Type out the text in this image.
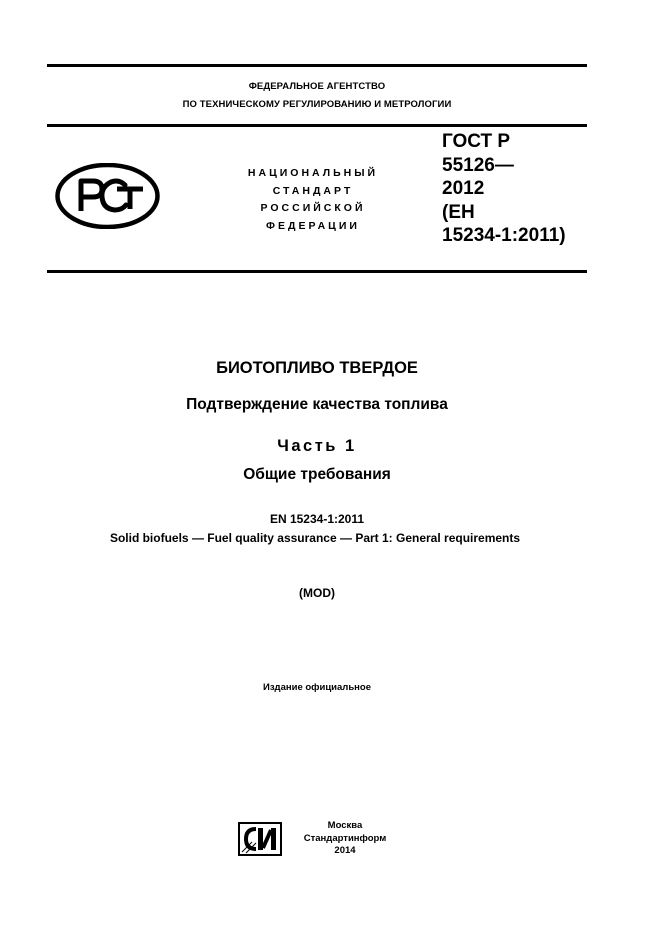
ФЕДЕРАЛЬНОЕ АГЕНТСТВО
ПО ТЕХНИЧЕСКОМУ РЕГУЛИРОВАНИЮ И МЕТРОЛОГИИ
НАЦИОНАЛЬНЫЙ
СТАНДАРТ
РОССИЙСКОЙ
ФЕДЕРАЦИИ
ГОСТ Р
55126—
2012
(ЕН
15234-1:2011)
БИОТОПЛИВО ТВЕРДОЕ
Подтверждение качества топлива
Часть 1
Общие требования
EN 15234-1:2011
Solid biofuels — Fuel quality assurance — Part 1: General requirements
(MOD)
Издание официальное
Москва
Стандартинформ
2014
